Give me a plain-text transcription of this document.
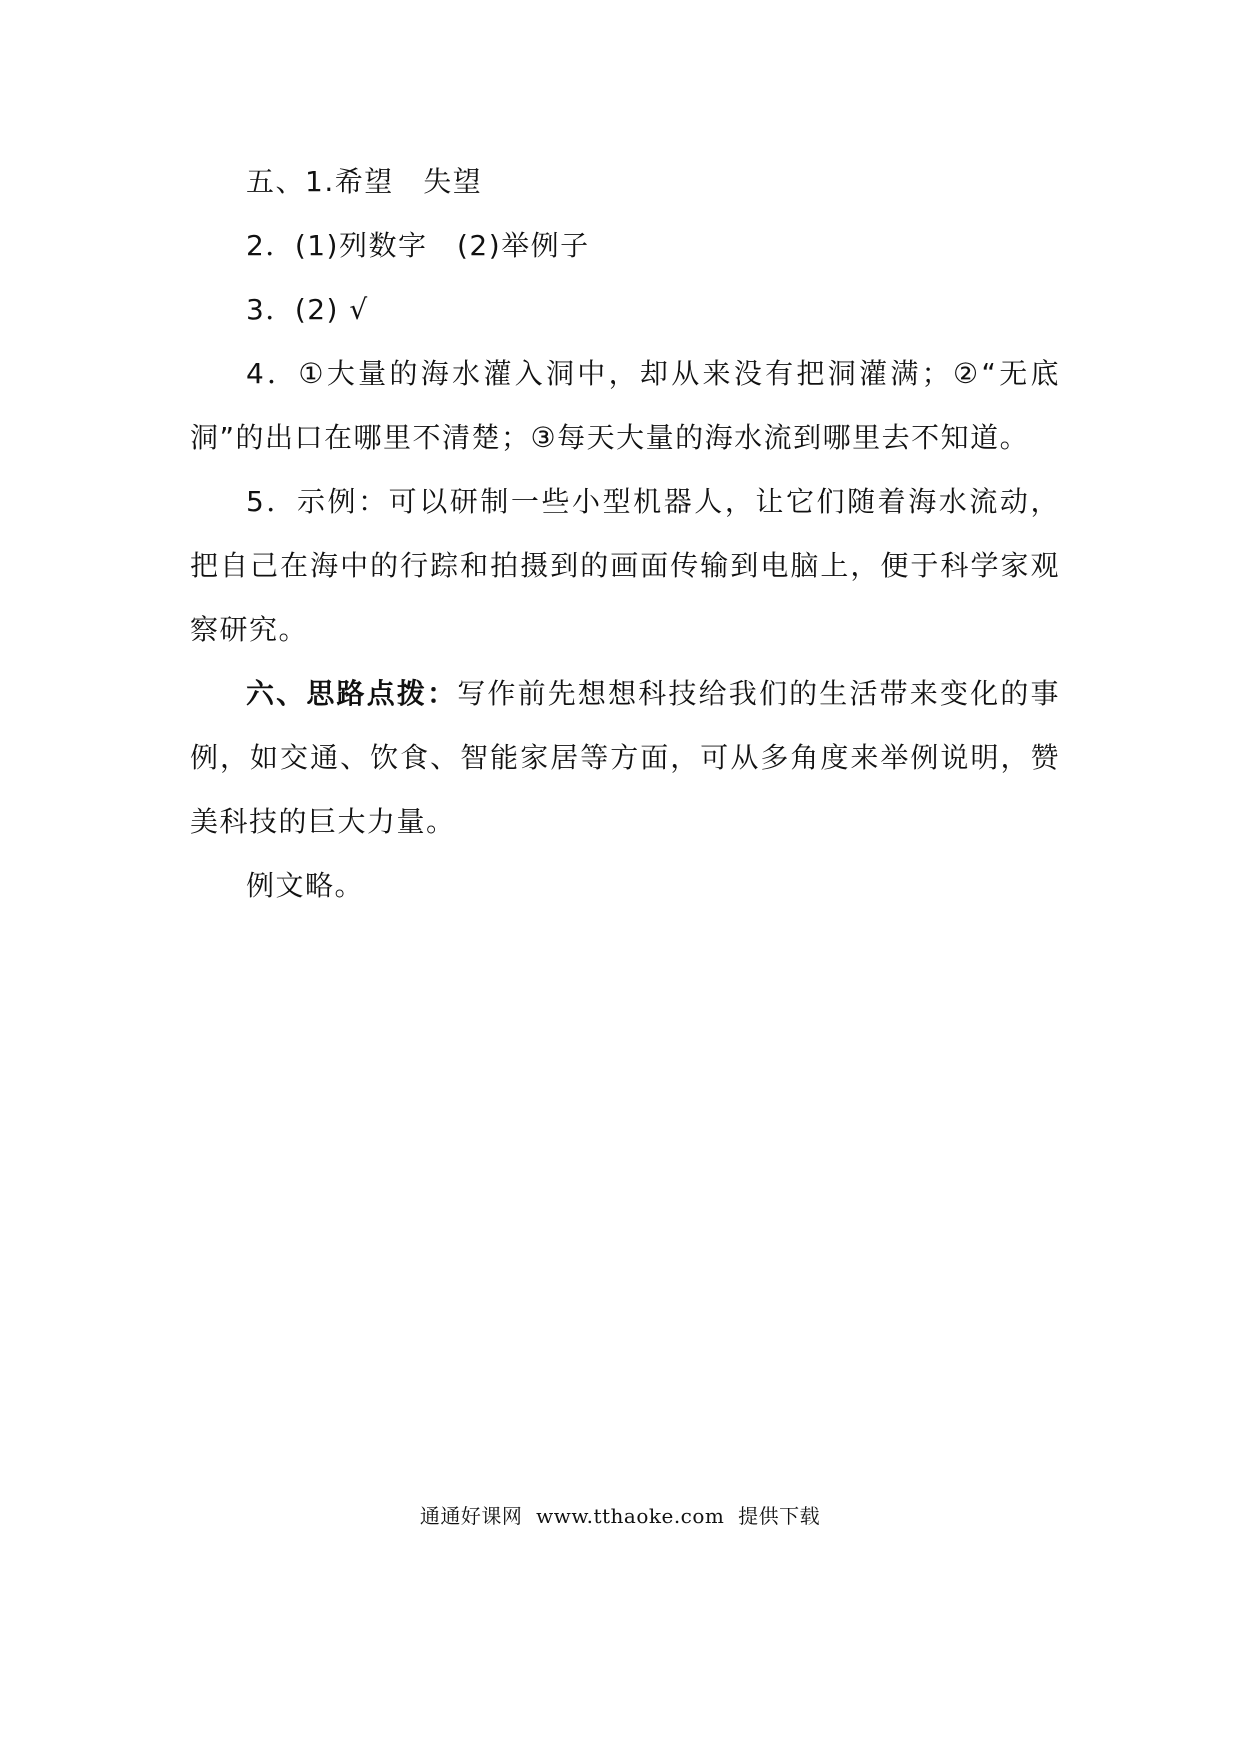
五、1.希望　失望

2．(1)列数字　(2)举例子

3．(2) √

4．①大量的海水灌入洞中，却从来没有把洞灌满；②“无底洞”的出口在哪里不清楚；③每天大量的海水流到哪里去不知道。

5．示例：可以研制一些小型机器人，让它们随着海水流动，把自己在海中的行踪和拍摄到的画面传输到电脑上，便于科学家观察研究。

六、思路点拨：写作前先想想科技给我们的生活带来变化的事例，如交通、饮食、智能家居等方面，可从多角度来举例说明，赞美科技的巨大力量。

例文略。

通通好课网 www.tthaoke.com 提供下载
